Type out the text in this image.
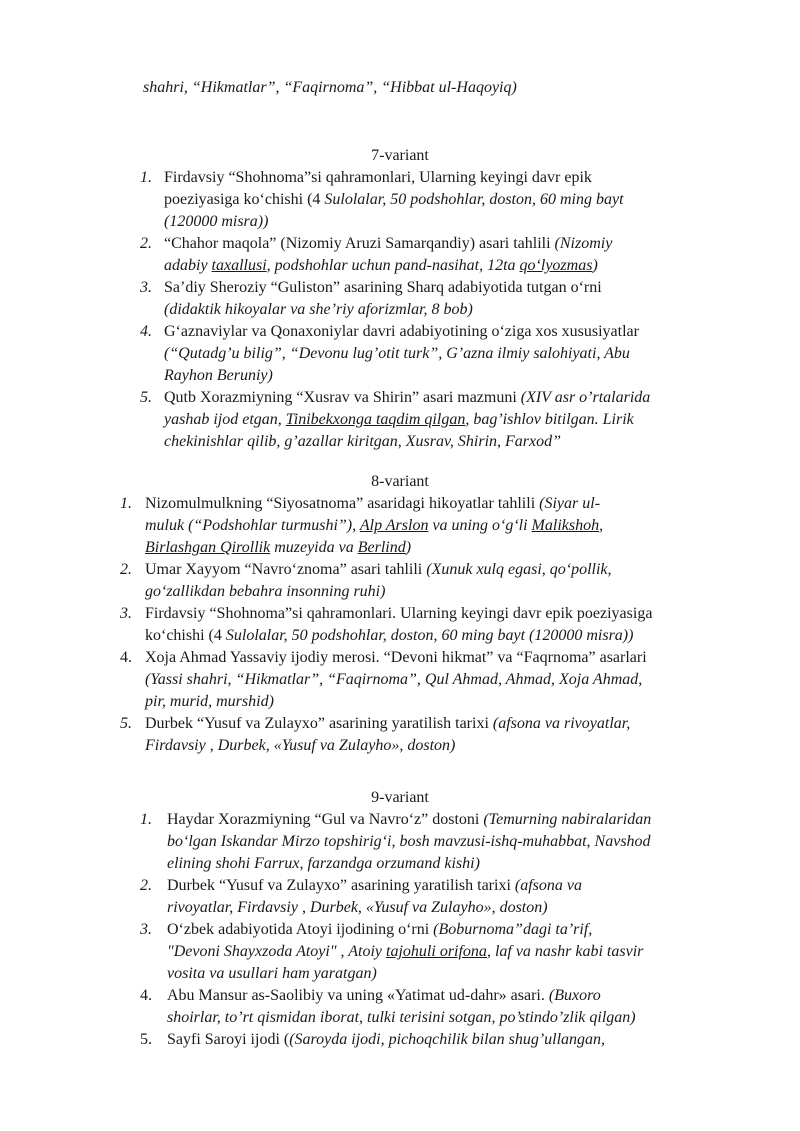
shahri, “Hikmatlar”, “Faqirnoma”, “Hibbat ul-Haqoyiq)
7-variant
1. Firdavsiy “Shohnoma”si qahramonlari, Ularning keyingi davr epik
poeziyasiga koʻchishi (4 Sulolalar, 50 podshohlar, doston, 60 ming bayt
(120000 misra))
2. “Chahor maqola” (Nizomiy Aruzi Samarqandiy) asari tahlili (Nizomiy
adabiy taxallusi, podshohlar uchun pand-nasihat, 12ta qoʻlyozmas)
3. Saʼdiy Sheroziy “Guliston” asarining Sharq adabiyotida tutgan oʻrni
(didaktik hikoyalar va she’riy aforizmlar, 8 bob)
4. Gʻaznaviylar va Qonaxoniylar davri adabiyotining oʻziga xos xususiyatlar
(“Qutadg’u bilig”, “Devonu lug’otit turk”, G’azna ilmiy salohiyati, Abu
Rayhon Beruniy)
5. Qutb Xorazmiyning “Xusrav va Shirin” asari mazmuni (XIV asr o’rtalarida
yashab ijod etgan, Tinibekxonga taqdim qilgan, bag’ishlov bitilgan. Lirik
chekinishlar qilib, g’azallar kiritgan, Xusrav, Shirin, Farxod”
8-variant
1. Nizomulmulkning “Siyosatnoma” asaridagi hikoyatlar tahlili (Siyar ul-
muluk (“Podshohlar turmushi”), Alp Arslon va uning oʻgʻli Malikshoh,
Birlashgan Qirollik muzeyida va Berlind)
2. Umar Xayyom “Navroʻznoma” asari tahlili (Xunuk xulq egasi, qoʻpollik,
goʻzallikdan bebahra insonning ruhi)
3. Firdavsiy “Shohnoma”si qahramonlari. Ularning keyingi davr epik poeziyasiga
koʻchishi (4 Sulolalar, 50 podshohlar, doston, 60 ming bayt (120000 misra))
4. Xoja Ahmad Yassaviy ijodiy merosi. “Devoni hikmat” va “Faqrnoma” asarlari
(Yassi shahri, “Hikmatlar”, “Faqirnoma”, Qul Ahmad, Ahmad, Xoja Ahmad,
pir, murid, murshid)
5. Durbek “Yusuf va Zulayxo” asarining yaratilish tarixi (afsona va rivoyatlar,
Firdavsiy , Durbek, «Yusuf va Zulayho», doston)
9-variant
1. Haydar Xorazmiyning “Gul va Navroʻz” dostoni (Temurning nabiralaridan
boʻlgan Iskandar Mirzo topshirigʻi, bosh mavzusi-ishq-muhabbat, Navshod
elining shohi Farrux, farzandga orzumand kishi)
2. Durbek “Yusuf va Zulayxo” asarining yaratilish tarixi (afsona va
rivoyatlar, Firdavsiy , Durbek, «Yusuf va Zulayho», doston)
3. Oʻzbek adabiyotida Atoyi ijodining oʻrni (Boburnoma”dagi ta’rif,
"Devoni Shayxzoda Atoyi" , Atoiy tajohuli orifona, laf va nashr kabi tasvir
vosita va usullari ham yaratgan)
4. Abu Mansur as-Saolibiy va uning «Yatimat ud-dahr» asari. (Buxoro
shoirlar, to’rt qismidan iborat, tulki terisini sotgan, po’stindo’zlik qilgan)
5. Sayfi Saroyi ijodi ((Saroyda ijodi, pichoqchilik bilan shug’ullangan,
